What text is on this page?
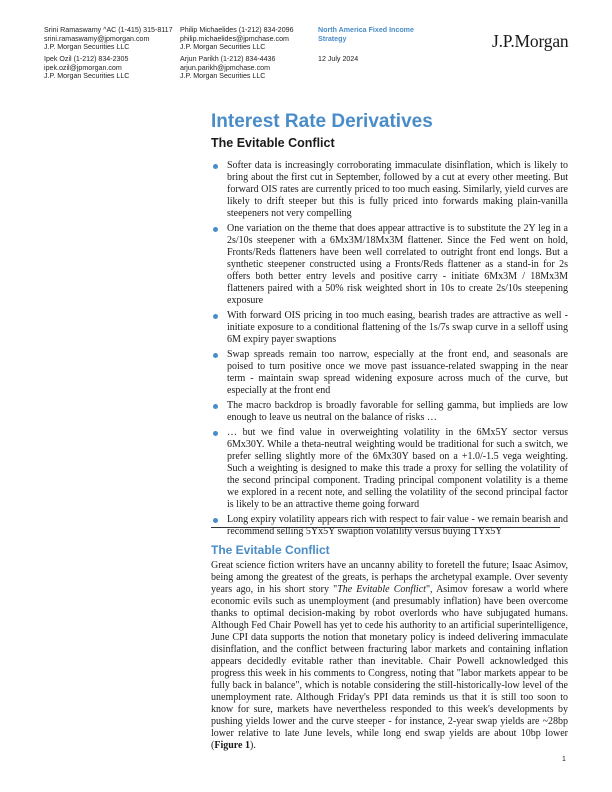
Srini Ramaswamy ^AC (1-415) 315-8117
srini.ramaswamy@jpmorgan.com
J.P. Morgan Securities LLC
Ipek Ozil (1-212) 834-2305
ipek.ozil@jpmorgan.com
J.P. Morgan Securities LLC
Philip Michaelides (1-212) 834-2096
philip.michaelides@jpmchase.com
J.P. Morgan Securities LLC
Arjun Parikh (1-212) 834-4436
arjun.parikh@jpmchase.com
J.P. Morgan Securities LLC
North America Fixed Income
Strategy
12 July 2024
J.P.Morgan
Interest Rate Derivatives
The Evitable Conflict
Softer data is increasingly corroborating immaculate disinflation, which is likely to bring about the first cut in September, followed by a cut at every other meeting. But forward OIS rates are currently priced to too much easing. Similarly, yield curves are likely to drift steeper but this is fully priced into forwards making plain-vanilla steepeners not very compelling
One variation on the theme that does appear attractive is to substitute the 2Y leg in a 2s/10s steepener with a 6Mx3M/18Mx3M flattener. Since the Fed went on hold, Fronts/Reds flatteners have been well correlated to outright front end longs. But a synthetic steepener constructed using a Fronts/Reds flattener as a stand-in for 2s offers both better entry levels and positive carry - initiate 6Mx3M / 18Mx3M flatteners paired with a 50% risk weighted short in 10s to create 2s/10s steepening exposure
With forward OIS pricing in too much easing, bearish trades are attractive as well - initiate exposure to a conditional flattening of the 1s/7s swap curve in a selloff using 6M expiry payer swaptions
Swap spreads remain too narrow, especially at the front end, and seasonals are poised to turn positive once we move past issuance-related swapping in the near term - maintain swap spread widening exposure across much of the curve, but especially at the front end
The macro backdrop is broadly favorable for selling gamma, but implieds are low enough to leave us neutral on the balance of risks …
… but we find value in overweighting volatility in the 6Mx5Y sector versus 6Mx30Y. While a theta-neutral weighting would be traditional for such a switch, we prefer selling slightly more of the 6Mx30Y based on a +1.0/-1.5 vega weighting. Such a weighting is designed to make this trade a proxy for selling the volatility of the second principal component. Trading principal component volatility is a theme we explored in a recent note, and selling the volatility of the second principal factor is likely to be an attractive theme going forward
Long expiry volatility appears rich with respect to fair value - we remain bearish and recommend selling 5Yx5Y swaption volatility versus buying 1Yx5Y
The Evitable Conflict

Great science fiction writers have an uncanny ability to foretell the future; Isaac Asimov, being among the greatest of the greats, is perhaps the archetypal example. Over seventy years ago, in his short story "The Evitable Conflict", Asimov foresaw a world where economic evils such as unemployment (and presumably inflation) have been overcome thanks to optimal decision-making by robot overlords who have subjugated humans. Although Fed Chair Powell has yet to cede his authority to an artificial superintelligence, June CPI data supports the notion that monetary policy is indeed delivering immaculate disinflation, and the conflict between fracturing labor markets and containing inflation appears decidedly evitable rather than inevitable. Chair Powell acknowledged this progress this week in his comments to Congress, noting that "labor markets appear to be fully back in balance", which is notable considering the still-historically-low level of the unemployment rate. Although Friday's PPI data reminds us that it is still too soon to know for sure, markets have nevertheless responded to this week's developments by pushing yields lower and the curve steeper - for instance, 2-year swap yields are ~28bp lower relative to late June levels, while long end swap yields are about 10bp lower (Figure 1).

1
